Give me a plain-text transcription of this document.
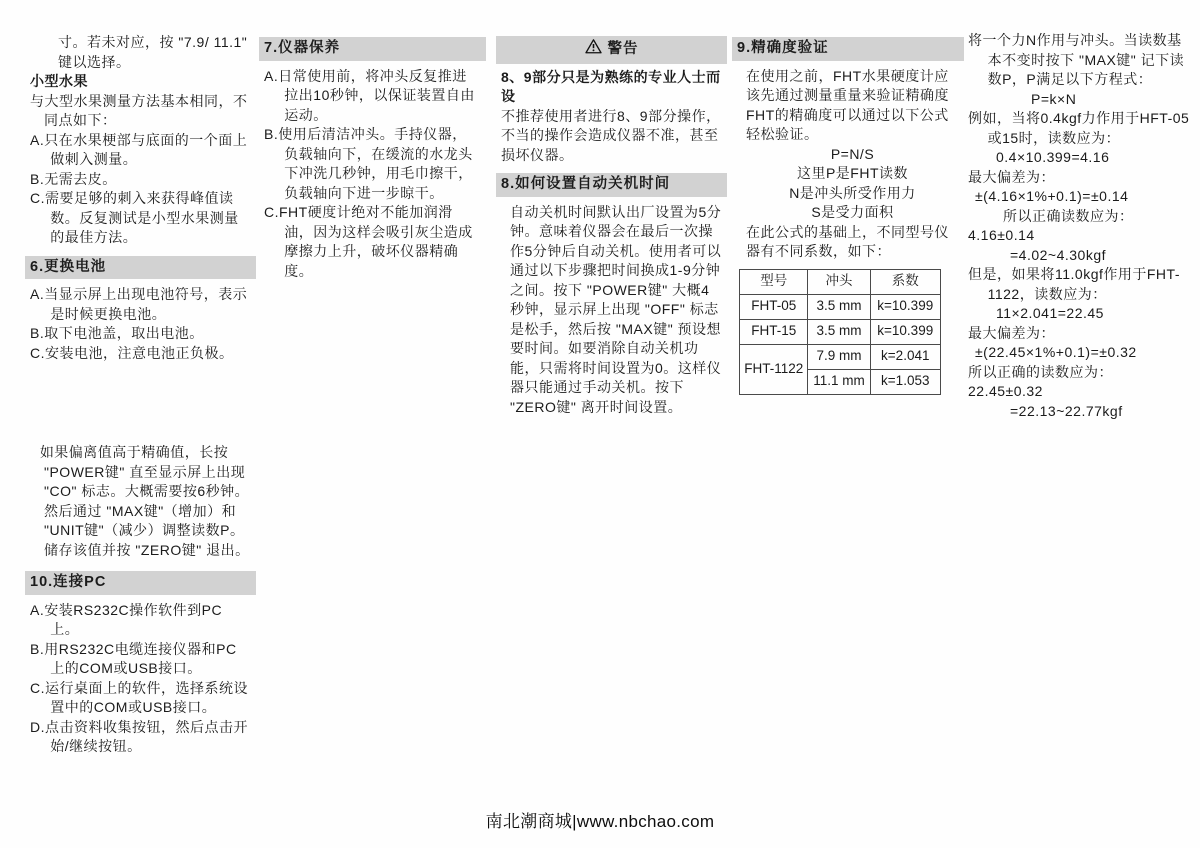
寸。若未对应，按 "7.9/ 11.1" 键以选择。

小型水果

与大型水果测量方法基本相同，不同点如下：

A.只在水果梗部与底面的一个面上做刺入测量。

B.无需去皮。

C.需要足够的刺入来获得峰值读数。反复测试是小型水果测量的最佳方法。

6.更换电池

A.当显示屏上出现电池符号，表示是时候更换电池。

B.取下电池盖，取出电池。

C.安装电池，注意电池正负极。

如果偏离值高于精确值，长按 "POWER键" 直至显示屏上出现 "CO" 标志。大概需要按6秒钟。然后通过 "MAX键"（增加）和 "UNIT键"（减少）调整读数P。储存该值并按 "ZERO键" 退出。

10.连接PC

A.安装RS232C操作软件到PC上。

B.用RS232C电缆连接仪器和PC上的COM或USB接口。

C.运行桌面上的软件，选择系统设置中的COM或USB接口。

D.点击资料收集按钮，然后点击开始/继续按钮。

7.仪器保养

A.日常使用前，将冲头反复推进拉出10秒钟，以保证装置自由运动。

B.使用后清洁冲头。手持仪器，负载轴向下，在缓流的水龙头下冲洗几秒钟，用毛巾擦干，负载轴向下进一步晾干。

C.FHT硬度计绝对不能加润滑油，因为这样会吸引灰尘造成摩擦力上升，破坏仪器精确度。

警告

8、9部分只是为熟练的专业人士而设

不推荐使用者进行8、9部分操作，不当的操作会造成仪器不准，甚至损坏仪器。

8.如何设置自动关机时间

自动关机时间默认出厂设置为5分钟。意味着仪器会在最后一次操作5分钟后自动关机。使用者可以通过以下步骤把时间换成1-9分钟之间。按下 "POWER键" 大概4秒钟，显示屏上出现 "OFF" 标志是松手，然后按 "MAX键" 预设想要时间。如要消除自动关机功能，只需将时间设置为0。这样仪器只能通过手动关机。按下 "ZERO键" 离开时间设置。

9.精确度验证

在使用之前，FHT水果硬度计应该先通过测量重量来验证精确度

FHT的精确度可以通过以下公式轻松验证。

P=N/S

这里P是FHT读数

N是冲头所受作用力

S是受力面积

在此公式的基础上，不同型号仪器有不同系数，如下：

型号	冲头	系数
FHT-05	3.5 mm	k=10.399
FHT-15	3.5 mm	k=10.399
FHT-1122	7.9 mm	k=2.041
	11.1 mm	k=1.053

将一个力N作用与冲头。当读数基本不变时按下 "MAX键" 记下读数P，P满足以下方程式：

P=k×N

例如，当将0.4kgf力作用于HFT-05或15时，读数应为：

0.4×10.399=4.16

最大偏差为：

±(4.16×1%+0.1)=±0.14

所以正确读数应为：

4.16±0.14

=4.02~4.30kgf

但是，如果将11.0kgf作用于FHT-1122，读数应为：

11×2.041=22.45

最大偏差为：

±(22.45×1%+0.1)=±0.32

所以正确的读数应为：

22.45±0.32

=22.13~22.77kgf

南北潮商城|www.nbchao.com
